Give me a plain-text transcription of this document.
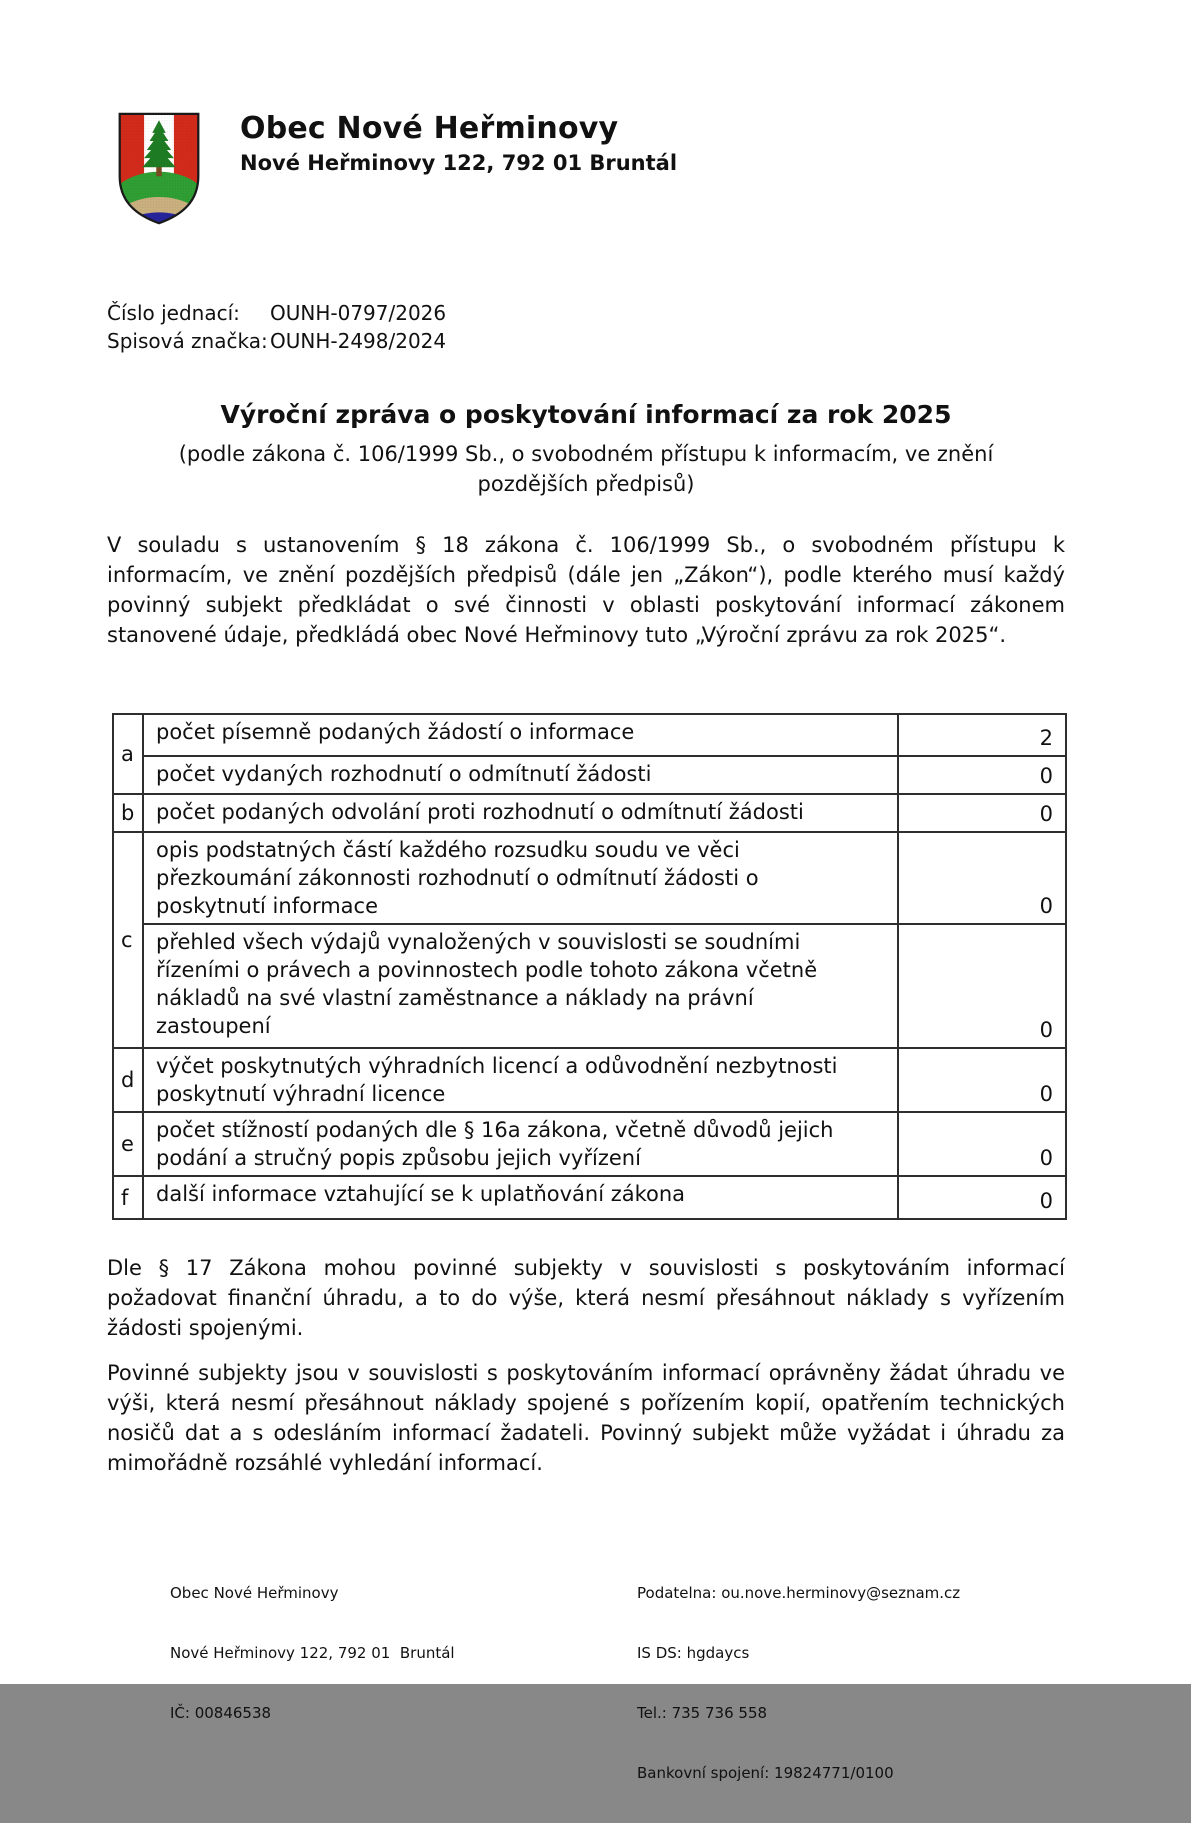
Obec Nové Heřminovy
Nové Heřminovy 122, 792 01 Bruntál
Číslo jednací:	OUNH-0797/2026
Spisová značka: OUNH-2498/2024
Výroční zpráva o poskytování informací za rok 2025
(podle zákona č. 106/1999 Sb., o svobodném přístupu k informacím, ve znění pozdějších předpisů)
V souladu s ustanovením § 18 zákona č. 106/1999 Sb., o svobodném přístupu k informacím, ve znění pozdějších předpisů (dále jen „Zákon“), podle kterého musí každý povinný subjekt předkládat o své činnosti v oblasti poskytování informací zákonem stanovené údaje, předkládá obec Nové Heřminovy tuto „Výroční zprávu za rok 2025“.
a	počet písemně podaných žádostí o informace	2
	počet vydaných rozhodnutí o odmítnutí žádosti	0
b	počet podaných odvolání proti rozhodnutí o odmítnutí žádosti	0
c	opis podstatných částí každého rozsudku soudu ve věci přezkoumání zákonnosti rozhodnutí o odmítnutí žádosti o poskytnutí informace	0
	přehled všech výdajů vynaložených v souvislosti se soudními řízeními o právech a povinnostech podle tohoto zákona včetně nákladů na své vlastní zaměstnance a náklady na právní zastoupení	0
d	výčet poskytnutých výhradních licencí a odůvodnění nezbytnosti poskytnutí výhradní licence	0
e	počet stížností podaných dle § 16a zákona, včetně důvodů jejich podání a stručný popis způsobu jejich vyřízení	0
f	další informace vztahující se k uplatňování zákona	0
Dle § 17 Zákona mohou povinné subjekty v souvislosti s poskytováním informací požadovat finanční úhradu, a to do výše, která nesmí přesáhnout náklady s vyřízením žádosti spojenými.
Povinné subjekty jsou v souvislosti s poskytováním informací oprávněny žádat úhradu ve výši, která nesmí přesáhnout náklady spojené s pořízením kopií, opatřením technických nosičů dat a s odesláním informací žadateli. Povinný subjekt může vyžádat i úhradu za mimořádně rozsáhlé vyhledání informací.

Obec Nové Heřminovy

Nové Heřminovy 122, 792 01  Bruntál

IČ: 00846538

Podatelna: ou.nove.herminovy@seznam.cz

IS DS: hgdaycs

Tel.: 735 736 558

Bankovní spojení: 19824771/0100
